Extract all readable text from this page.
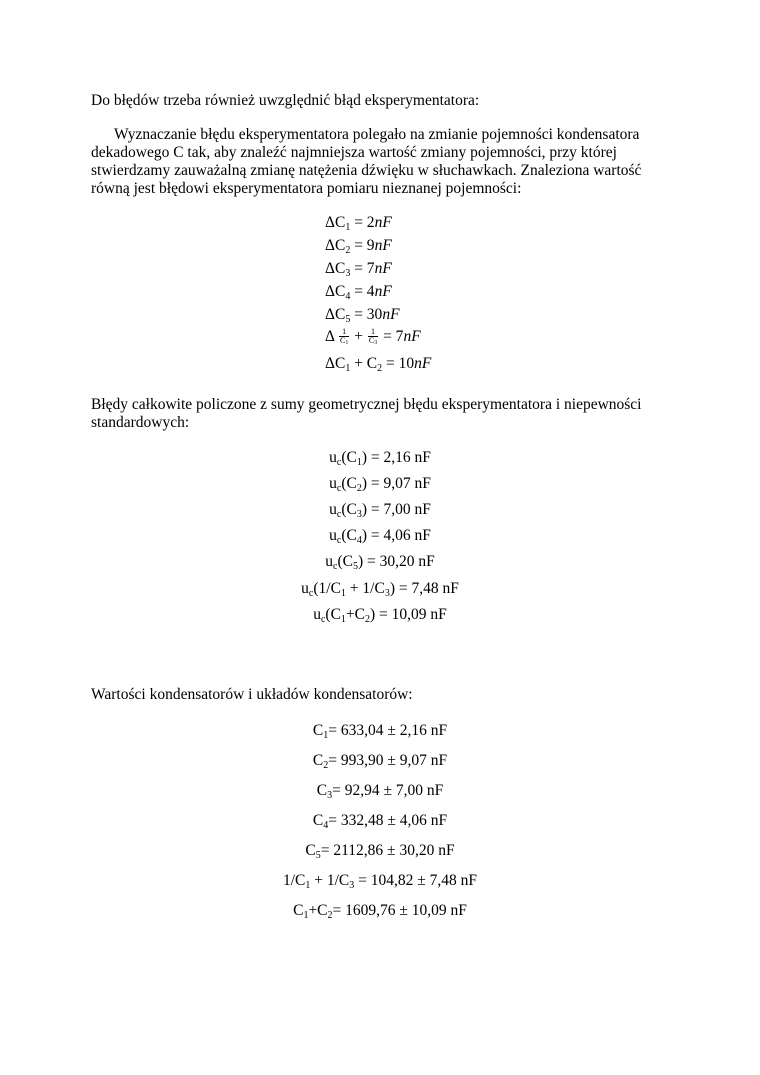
Do błędów trzeba również uwzględnić błąd eksperymentatora:

Wyznaczanie błędu eksperymentatora polegało na zmianie pojemności kondensatora
dekadowego C tak, aby znaleźć najmniejsza wartość zmiany pojemności, przy której
stwierdzamy zauważalną zmianę natężenia dźwięku w słuchawkach. Znaleziona wartość
równą jest błędowi eksperymentatora pomiaru nieznanej pojemności:
$\Delta C_1 = 2nF$
$\Delta C_2 = 9nF$
$\Delta C_3 = 7nF$
$\Delta C_4 = 4nF$
$\Delta C_5 = 30nF$
Δ $\frac{1}{C_1} + \frac{1}{C_3} = 7nF$
$\Delta C_1 + C_2 = 10nF$
Błędy całkowite policzone z sumy geometrycznej błędu eksperymentatora i niepewności
standardowych:
$u_c(C_1) = 2,16$ nF
$u_c(C_2) = 9,07$ nF
$u_c(C_3) = 7,00$ nF
$u_c(C_4) = 4,06$ nF
$u_c(C_5) = 30,20$ nF
$u_c(1/C_1 + 1/C_3) = 7,48$ nF
$u_c(C_1+C_2) = 10,09$ nF
Wartości kondensatorów i układów kondensatorów:
$C_1= 633,04 \pm 2,16$ nF
$C_2= 993,90 \pm 9,07$ nF
$C_3= 92,94 \pm 7,00$ nF
$C_4= 332,48 \pm 4,06$ nF
$C_5= 2112,86 \pm 30,20$ nF
$1/C_1 + 1/C_3 = 104,82 \pm 7,48$ nF
$C_1+C_2= 1609,76 \pm 10,09$ nF
